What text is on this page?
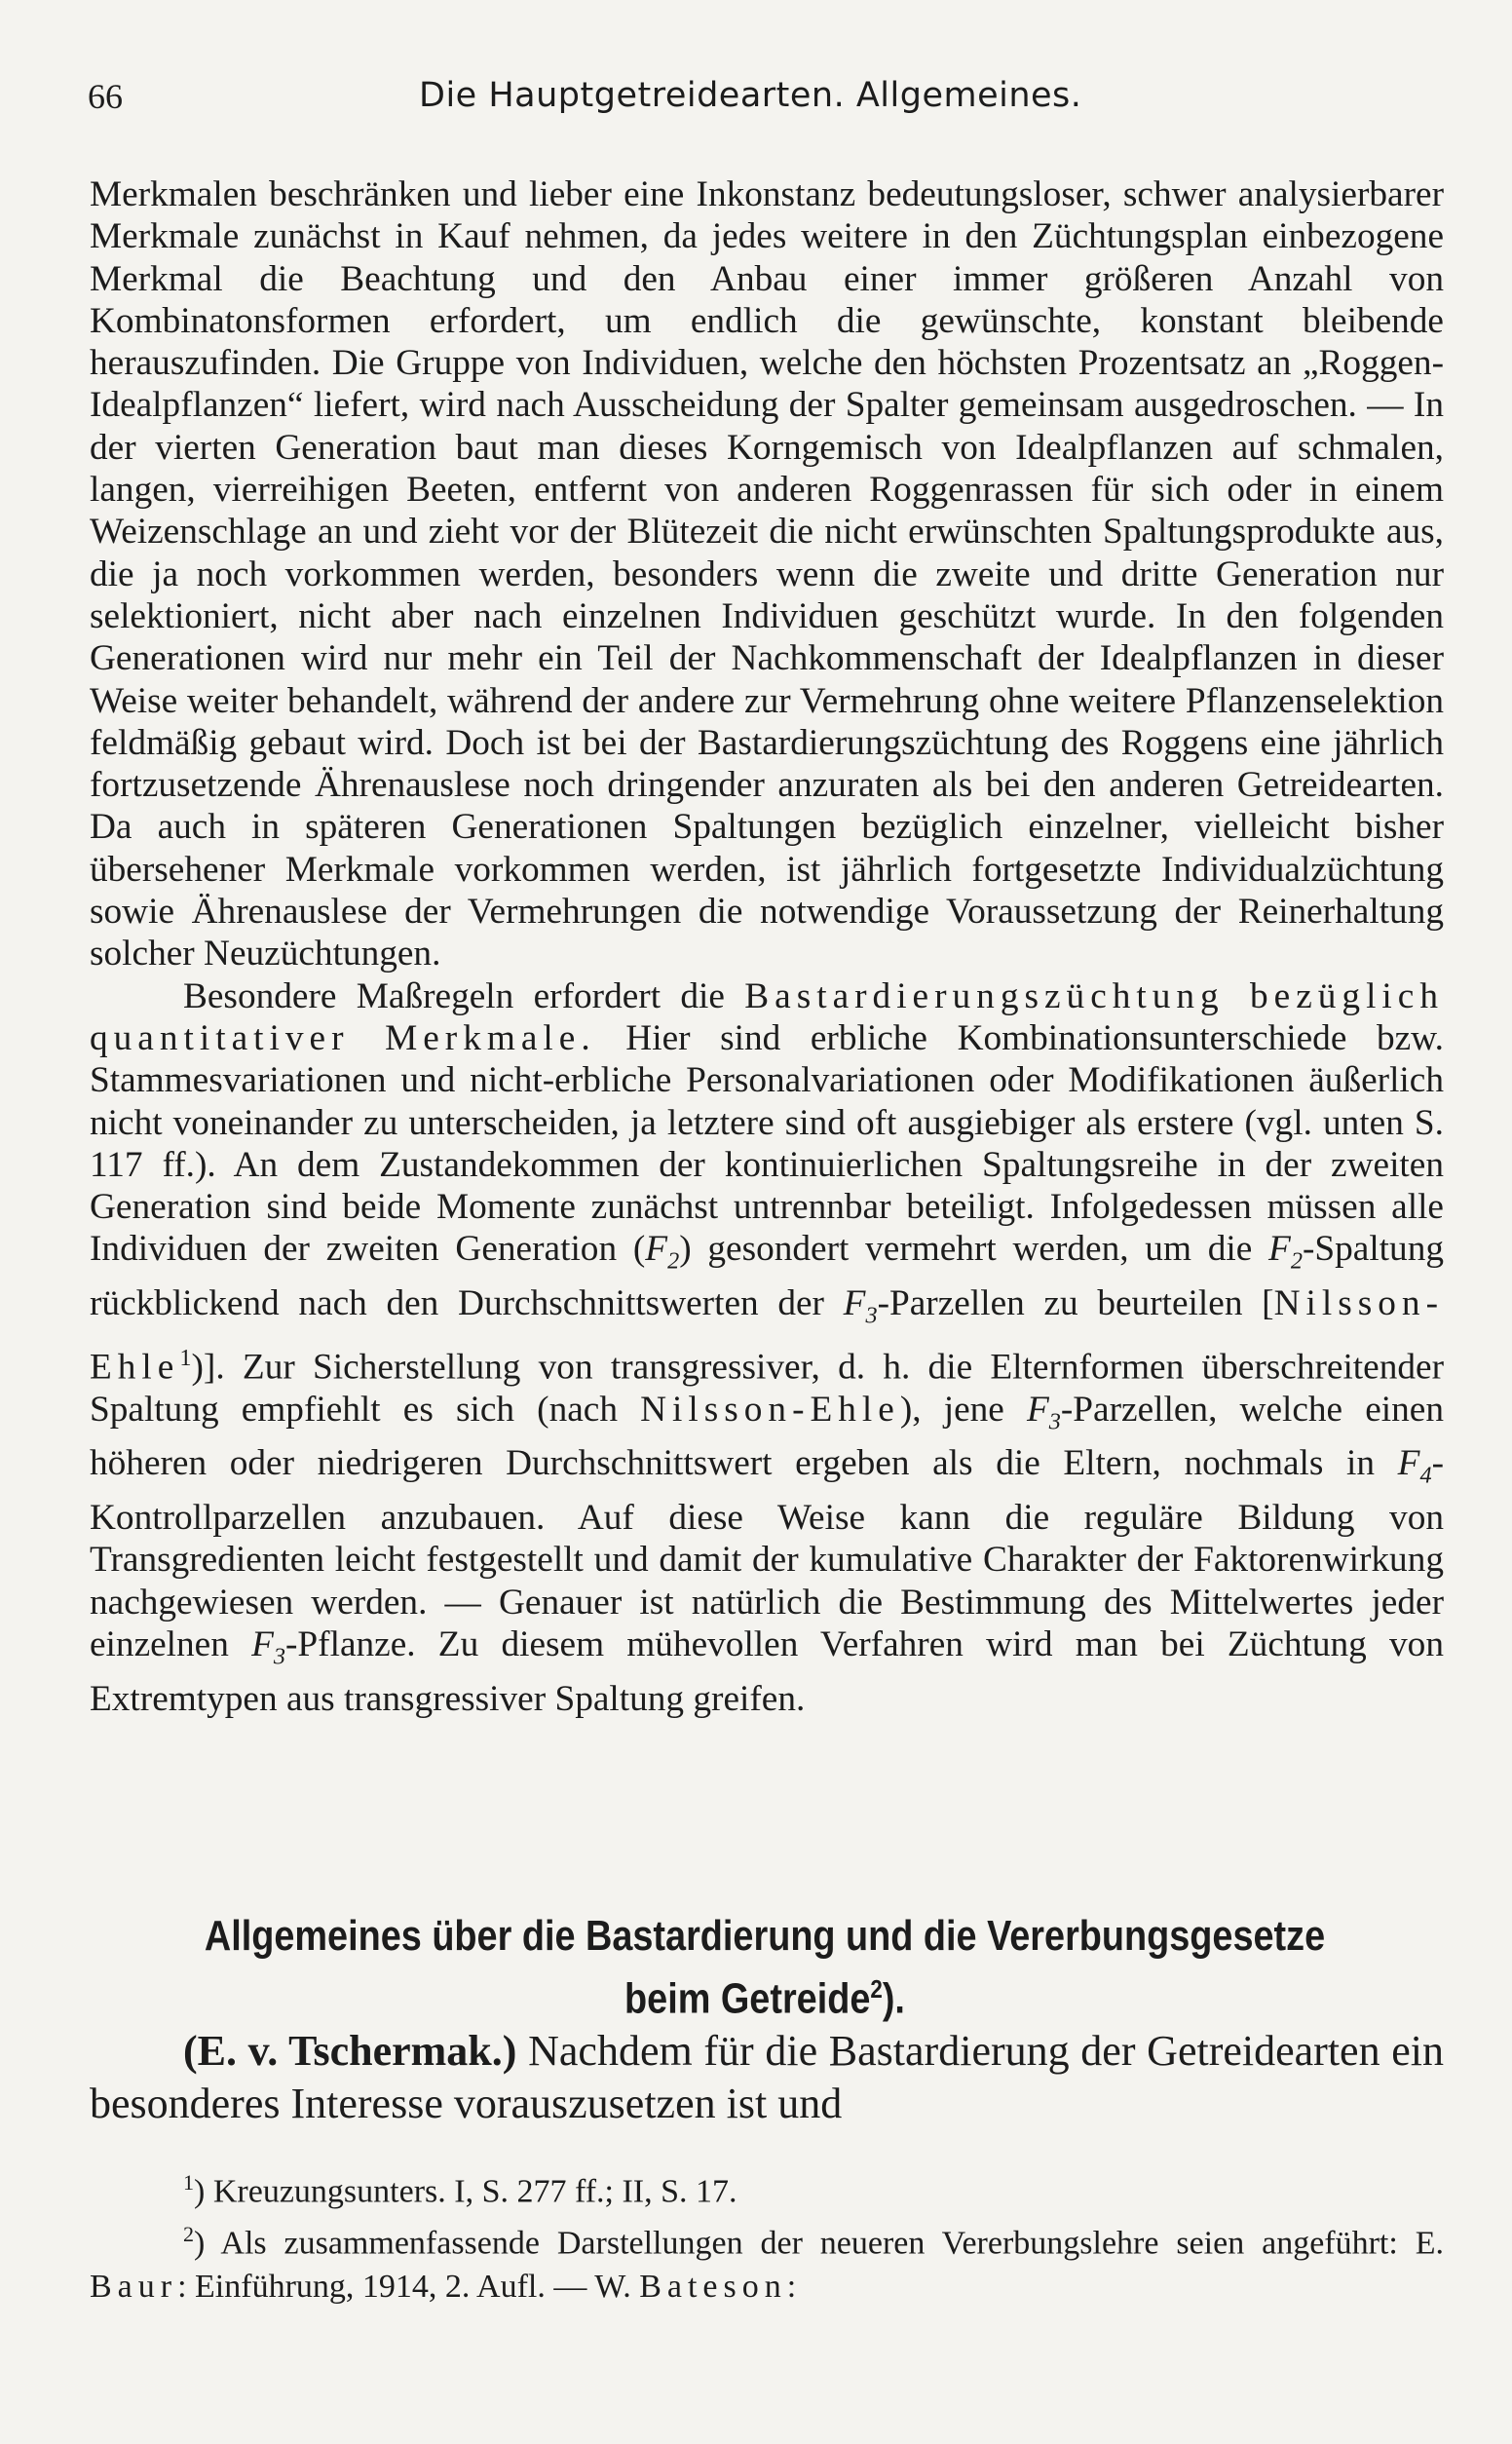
66	Die Hauptgetreidearten. Allgemeines.

Merkmalen beschränken und lieber eine Inkonstanz bedeutungsloser, schwer analysierbarer Merkmale zunächst in Kauf nehmen, da jedes weitere in den Züchtungsplan einbezogene Merkmal die Beachtung und den Anbau einer immer größeren Anzahl von Kombinatonsformen erfordert, um endlich die gewünschte, konstant bleibende herauszufinden. Die Gruppe von Individuen, welche den höchsten Prozentsatz an „Roggen-Idealpflanzen“ liefert, wird nach Ausscheidung der Spalter gemeinsam ausgedroschen. — In der vierten Generation baut man dieses Korngemisch von Idealpflanzen auf schmalen, langen, vierreihigen Beeten, entfernt von anderen Roggenrassen für sich oder in einem Weizenschlage an und zieht vor der Blütezeit die nicht erwünschten Spaltungsprodukte aus, die ja noch vorkommen werden, besonders wenn die zweite und dritte Generation nur selektioniert, nicht aber nach einzelnen Individuen geschützt wurde. In den folgenden Generationen wird nur mehr ein Teil der Nachkommenschaft der Idealpflanzen in dieser Weise weiter behandelt, während der andere zur Vermehrung ohne weitere Pflanzenselektion feldmäßig gebaut wird. Doch ist bei der Bastardierungszüchtung des Roggens eine jährlich fortzusetzende Ährenauslese noch dringender anzuraten als bei den anderen Getreidearten. Da auch in späteren Generationen Spaltungen bezüglich einzelner, vielleicht bisher übersehener Merkmale vorkommen werden, ist jährlich fortgesetzte Individualzüchtung sowie Ährenauslese der Vermehrungen die notwendige Voraussetzung der Reinerhaltung solcher Neuzüchtungen.

Besondere Maßregeln erfordert die Bastardierungszüchtung bezüglich quantitativer Merkmale. Hier sind erbliche Kombinationsunterschiede bzw. Stammesvariationen und nicht-erbliche Personalvariationen oder Modifikationen äußerlich nicht voneinander zu unterscheiden, ja letztere sind oft ausgiebiger als erstere (vgl. unten S. 117 ff.). An dem Zustandekommen der kontinuierlichen Spaltungsreihe in der zweiten Generation sind beide Momente zunächst untrennbar beteiligt. Infolgedessen müssen alle Individuen der zweiten Generation $(F_2)$ gesondert vermehrt werden, um die $F_2$-Spaltung rückblickend nach den Durchschnittswerten der $F_3$-Parzellen zu beurteilen [Nilsson-Ehle$^1$)]. Zur Sicherstellung von transgressiver, d. h. die Elternformen überschreitender Spaltung empfiehlt es sich (nach Nilsson-Ehle), jene $F_3$-Parzellen, welche einen höheren oder niedrigeren Durchschnittswert ergeben als die Eltern, nochmals in $F_4$-Kontrollparzellen anzubauen. Auf diese Weise kann die reguläre Bildung von Transgredienten leicht festgestellt und damit der kumulative Charakter der Faktorenwirkung nachgewiesen werden. — Genauer ist natürlich die Bestimmung des Mittelwertes jeder einzelnen $F_3$-Pflanze. Zu diesem mühevollen Verfahren wird man bei Züchtung von Extremtypen aus transgressiver Spaltung greifen.

Allgemeines über die Bastardierung und die Vererbungsgesetze
beim Getreide$^2$).
(E. v. Tschermak.) Nachdem für die Bastardierung der Getreidearten ein besonderes Interesse vorauszusetzen ist und

$^1$) Kreuzungsunters. I, S. 277 ff.; II, S. 17.

$^2$) Als zusammenfassende Darstellungen der neueren Vererbungslehre seien angeführt: E. Baur: Einführung, 1914, 2. Aufl. — W. Bateson:
